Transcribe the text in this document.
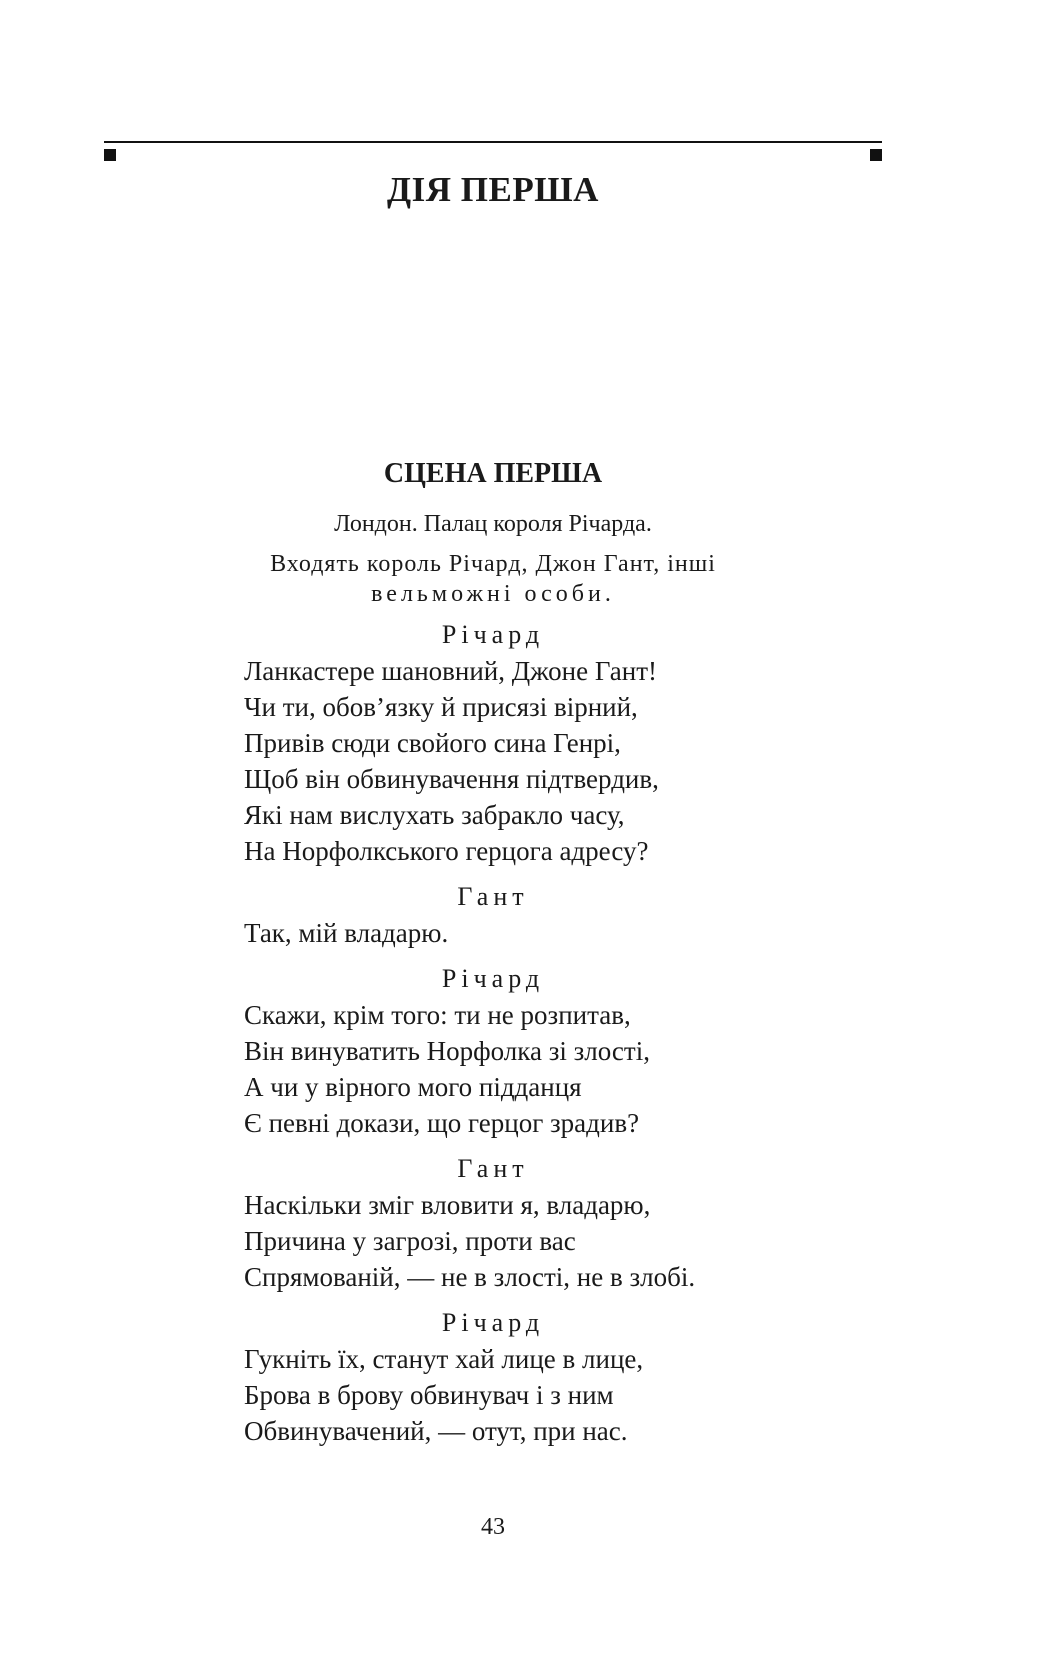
ДІЯ ПЕРША
СЦЕНА ПЕРША

Лондон. Палац короля Річарда.

Входять король Річард, Джон Гант, інші
вельможні особи.

Річард

Ланкастере шановний, Джоне Гант!

Чи ти, обов’язку й присязі вірний,

Привів сюди свойого сина Генрі,

Щоб він обвинувачення підтвердив,

Які нам вислухать забракло часу,

На Норфолкського герцога адресу?

Гант

Так, мій владарю.

Річард

Скажи, крім того: ти не розпитав,

Він винуватить Норфолка зі злості,

А чи у вірного мого підданця

Є певні докази, що герцог зрадив?

Гант

Наскільки зміг вловити я, владарю,

Причина у загрозі, проти вас

Спрямованій, — не в злості, не в злобі.

Річард

Гукніть їх, станут хай лице в лице,

Брова в брову обвинувач і з ним

Обвинувачений, — отут, при нас.

43
